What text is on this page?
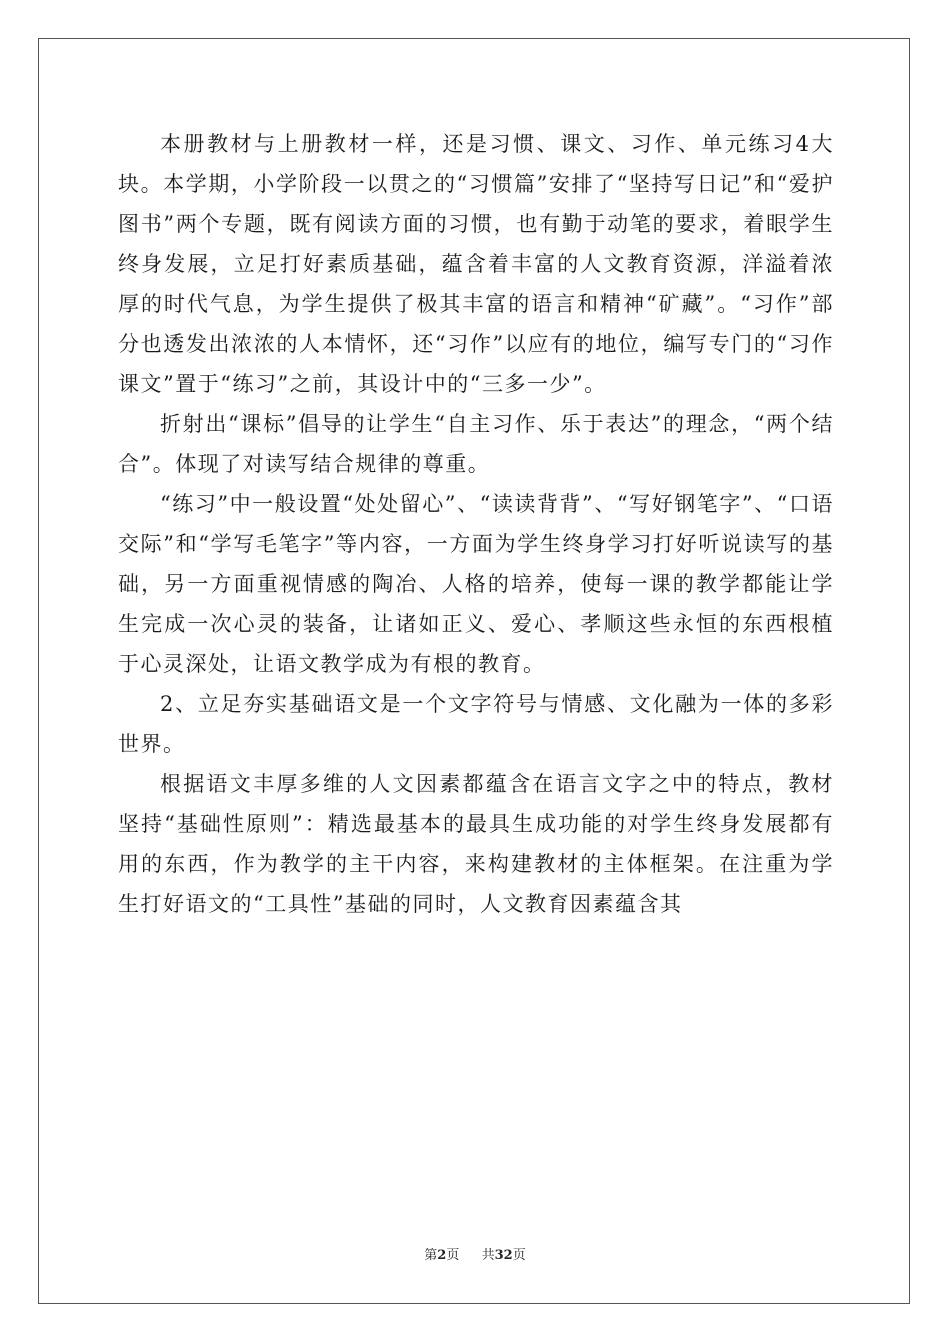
本册教材与上册教材一样，还是习惯、课文、习作、单元练习4大块。本学期，小学阶段一以贯之的“习惯篇”安排了“坚持写日记”和“爱护图书”两个专题，既有阅读方面的习惯，也有勤于动笔的要求，着眼学生终身发展，立足打好素质基础，蕴含着丰富的人文教育资源，洋溢着浓厚的时代气息，为学生提供了极其丰富的语言和精神“矿藏”。“习作”部分也透发出浓浓的人本情怀，还“习作”以应有的地位，编写专门的“习作课文”置于“练习”之前，其设计中的“三多一少”。

折射出“课标”倡导的让学生“自主习作、乐于表达”的理念，“两个结合”。体现了对读写结合规律的尊重。

“练习”中一般设置“处处留心”、“读读背背”、“写好钢笔字”、“口语交际”和“学写毛笔字”等内容，一方面为学生终身学习打好听说读写的基础，另一方面重视情感的陶冶、人格的培养，使每一课的教学都能让学生完成一次心灵的装备，让诸如正义、爱心、孝顺这些永恒的东西根植于心灵深处，让语文教学成为有根的教育。

2、立足夯实基础语文是一个文字符号与情感、文化融为一体的多彩世界。

根据语文丰厚多维的人文因素都蕴含在语言文字之中的特点，教材坚持“基础性原则”：精选最基本的最具生成功能的对学生终身发展都有用的东西，作为教学的主干内容，来构建教材的主体框架。在注重为学生打好语文的“工具性”基础的同时，人文教育因素蕴含其

第2页 共32页
